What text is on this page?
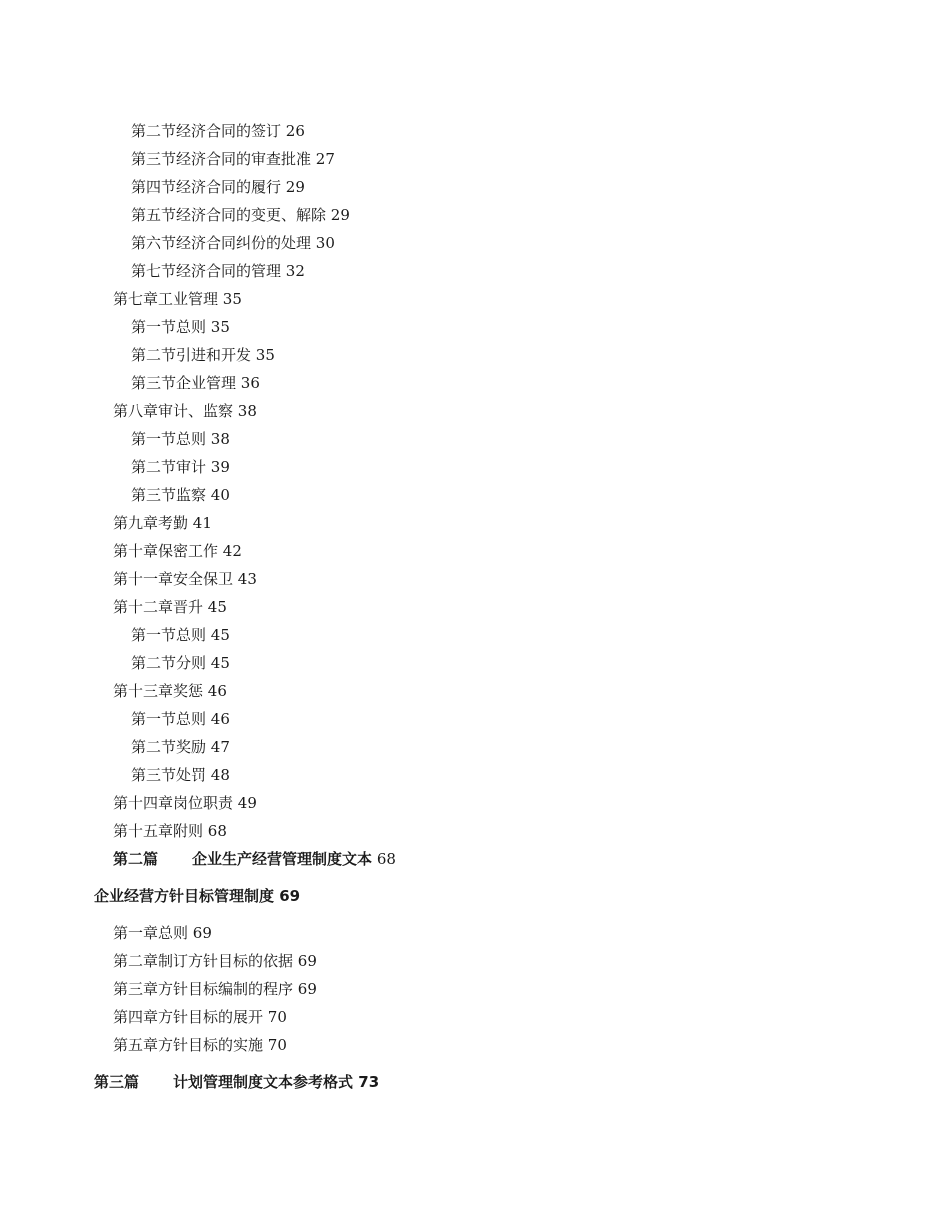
第二节经济合同的签订 26
第三节经济合同的审查批准 27
第四节经济合同的履行 29
第五节经济合同的变更、解除 29
第六节经济合同纠份的处理 30
第七节经济合同的管理 32
第七章工业管理 35
第一节总则 35
第二节引进和开发 35
第三节企业管理 36
第八章审计、监察 38
第一节总则 38
第二节审计 39
第三节监察 40
第九章考勤 41
第十章保密工作 42
第十一章安全保卫 43
第十二章晋升 45
第一节总则 45
第二节分则 45
第十三章奖惩 46
第一节总则 46
第二节奖励 47
第三节处罚 48
第十四章岗位职责 49
第十五章附则 68
第二篇 企业生产经营管理制度文本 68
企业经营方针目标管理制度 69
第一章总则 69
第二章制订方针目标的依据 69
第三章方针目标编制的程序 69
第四章方针目标的展开 70
第五章方针目标的实施 70
第三篇 计划管理制度文本参考格式 73
